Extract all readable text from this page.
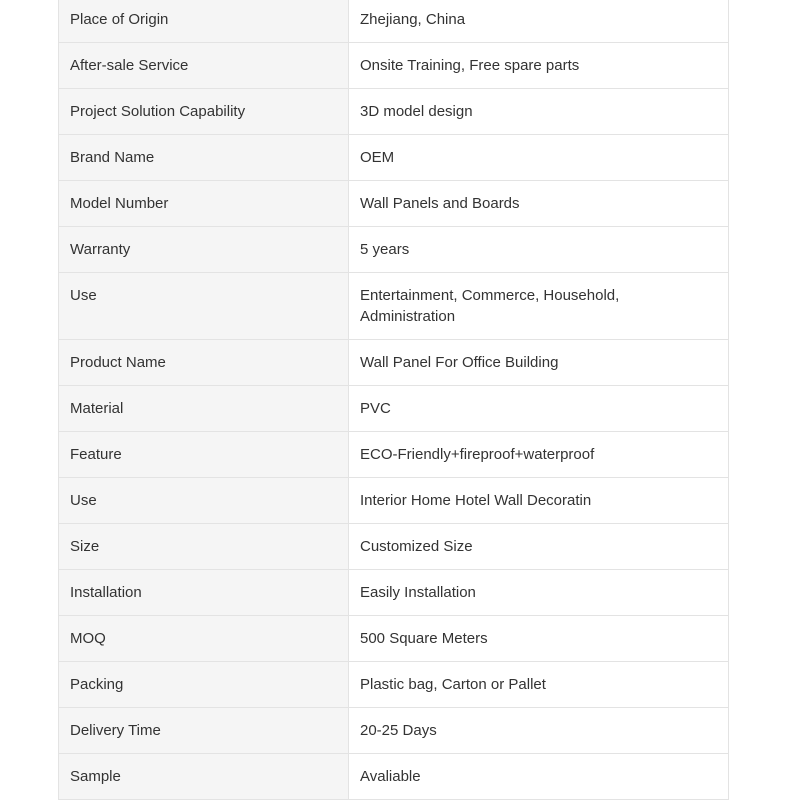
Place of Origin	Zhejiang, China
After-sale Service	Onsite Training, Free spare parts
Project Solution Capability	3D model design
Brand Name	OEM
Model Number	Wall Panels and Boards
Warranty	5 years
Use	Entertainment, Commerce, Household, Administration
Product Name	Wall Panel For Office Building
Material	PVC
Feature	ECO-Friendly+fireproof+waterproof
Use	Interior Home Hotel Wall Decoratin
Size	Customized Size
Installation	Easily Installation
MOQ	500 Square Meters
Packing	Plastic bag, Carton or Pallet
Delivery Time	20-25 Days
Sample	Avaliable
